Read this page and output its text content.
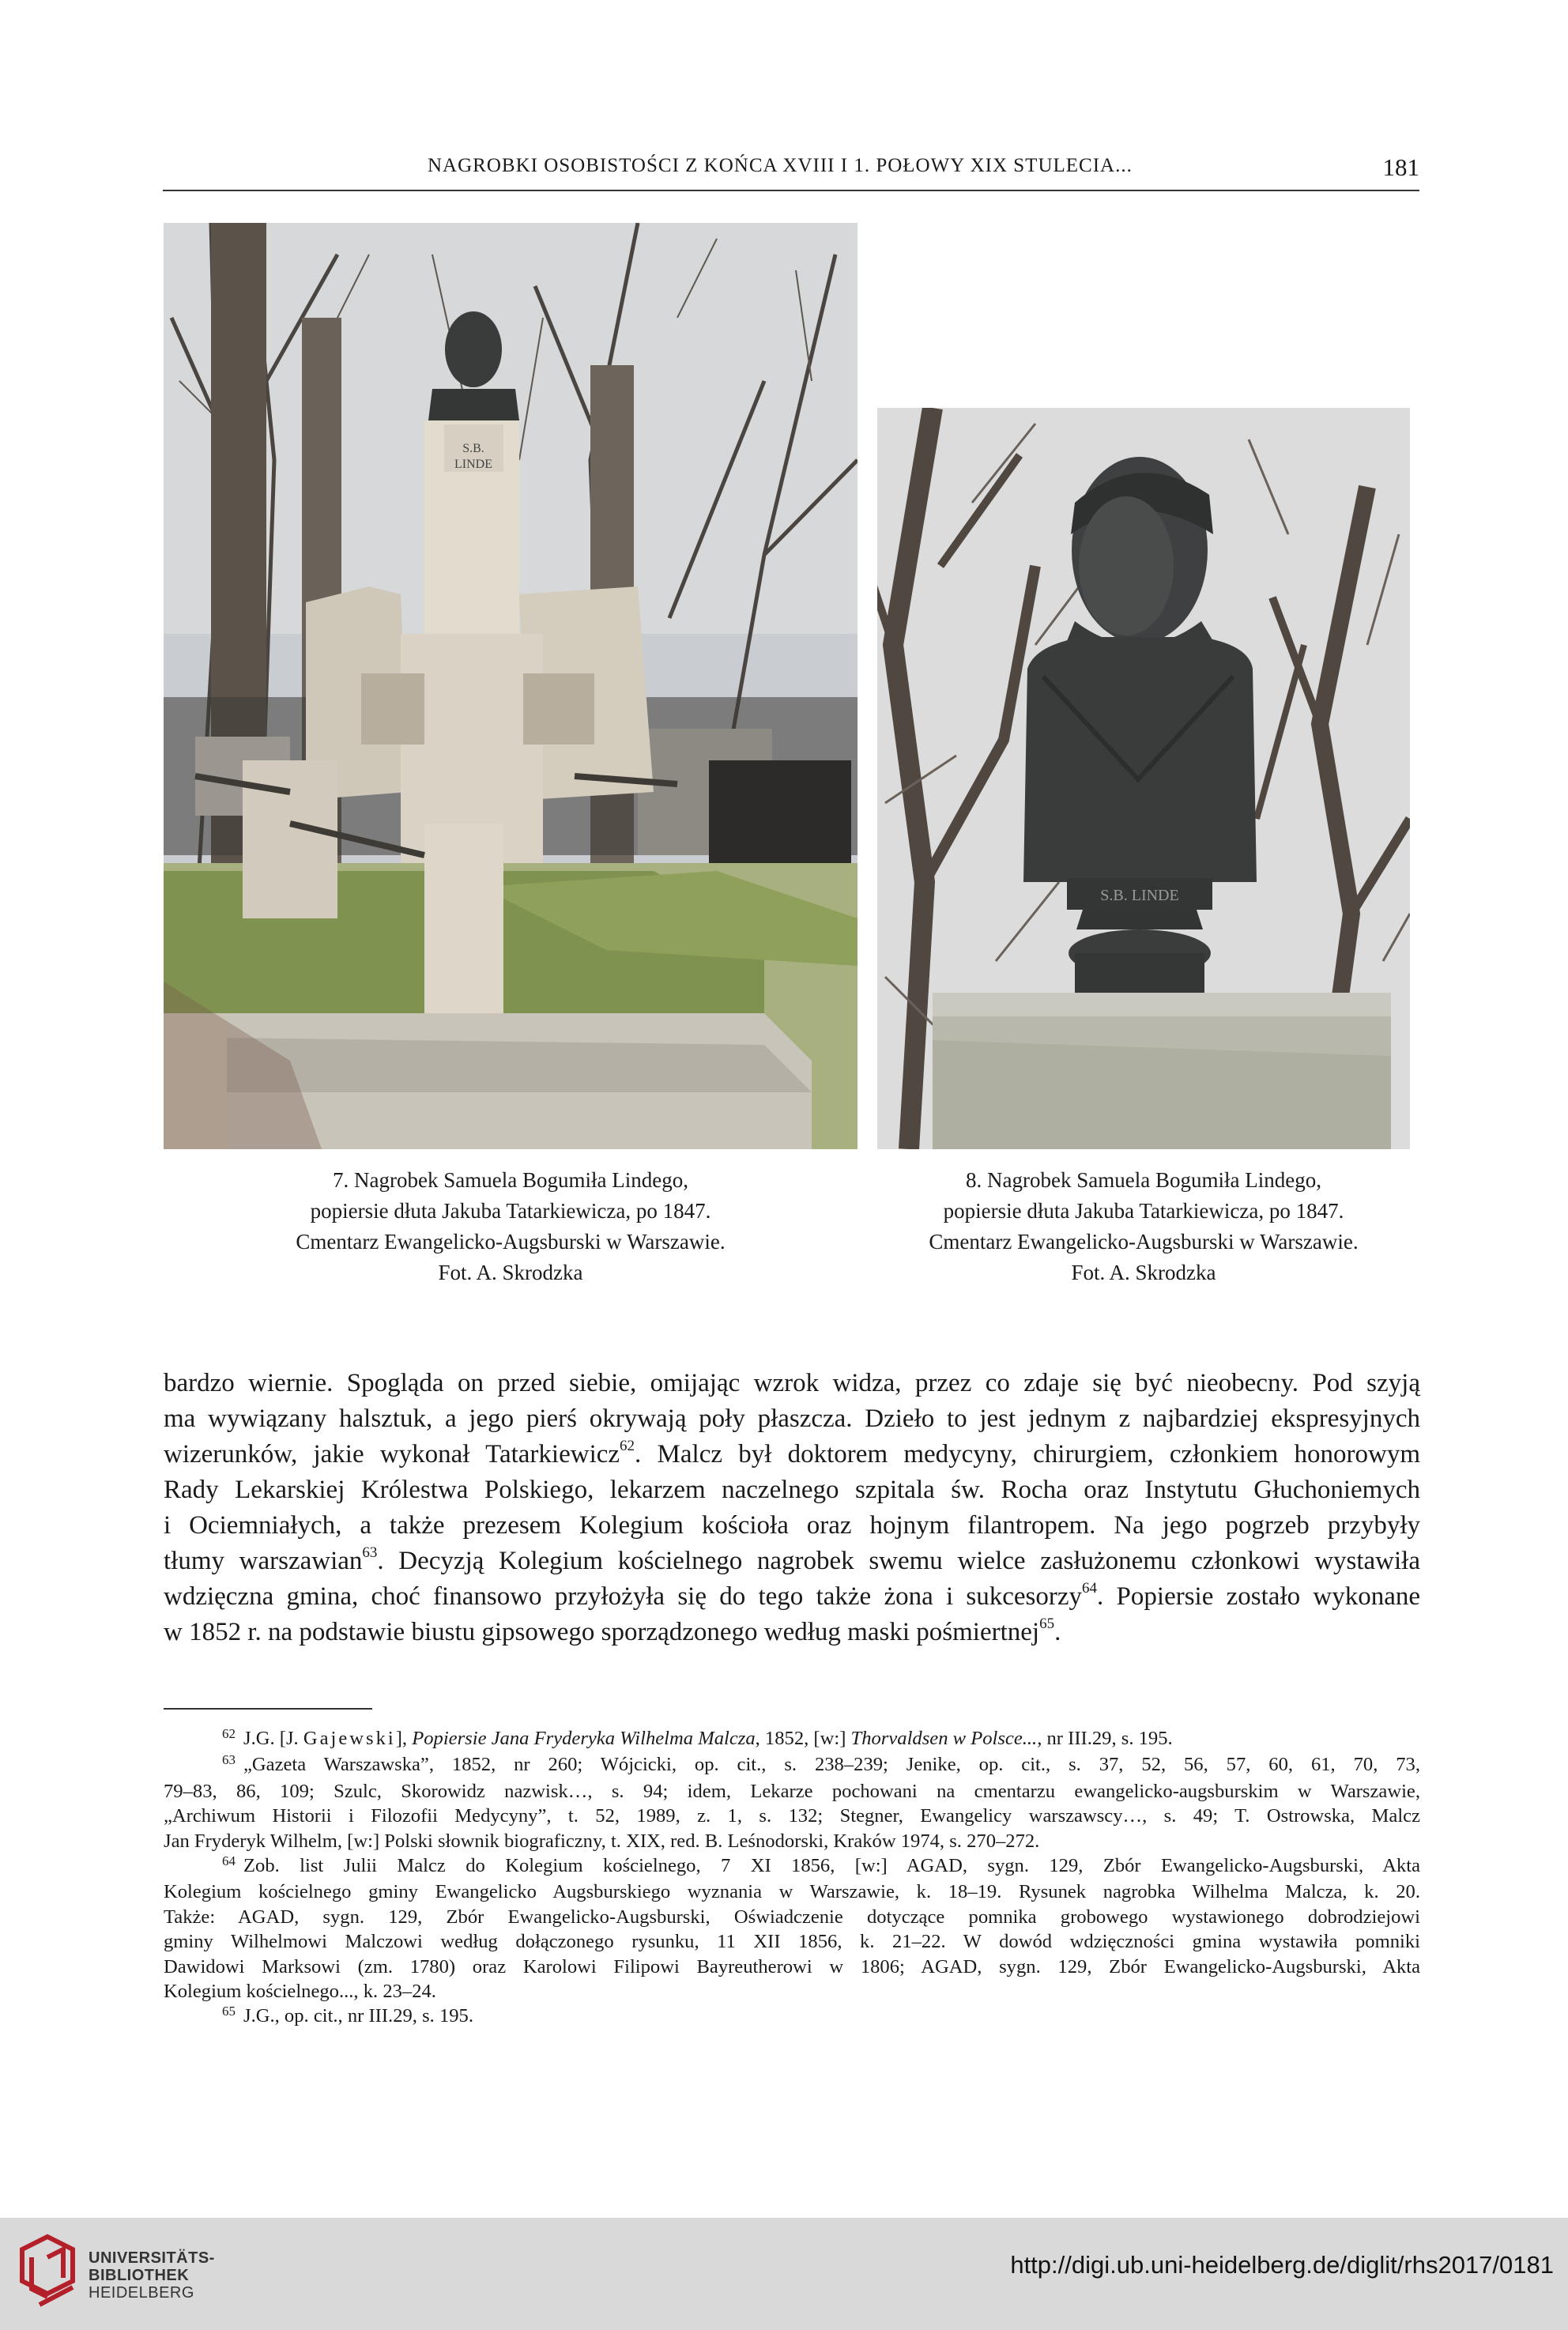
NAGROBKI OSOBISTOŚCI Z KOŃCA XVIII I 1. POŁOWY XIX STULECIA...	181
S.B.
LINDE
S.B. LINDE
7. Nagrobek Samuela Bogumiła Lindego,
popiersie dłuta Jakuba Tatarkiewicza, po 1847.
Cmentarz Ewangelicko-Augsburski w Warszawie.
Fot. A. Skrodzka
8. Nagrobek Samuela Bogumiła Lindego,
popiersie dłuta Jakuba Tatarkiewicza, po 1847.
Cmentarz Ewangelicko-Augsburski w Warszawie.
Fot. A. Skrodzka
bardzo wiernie. Spogląda on przed siebie, omijając wzrok widza, przez co zdaje się być nieobecny. Pod szyją
ma wywiązany halsztuk, a jego pierś okrywają poły płaszcza. Dzieło to jest jednym z najbardziej ekspresyjnych
wizerunków, jakie wykonał Tatarkiewicz$^{62}$. Malcz był doktorem medycyny, chirurgiem, członkiem honorowym
Rady Lekarskiej Królestwa Polskiego, lekarzem naczelnego szpitala św. Rocha oraz Instytutu Głuchoniemych
i Ociemniałych, a także prezesem Kolegium kościoła oraz hojnym filantropem. Na jego pogrzeb przybyły
tłumy warszawian$^{63}$. Decyzją Kolegium kościelnego nagrobek swemu wielce zasłużonemu członkowi wystawiła
wdzięczna gmina, choć finansowo przyłożyła się do tego także żona i sukcesorzy$^{64}$. Popiersie zostało wykonane
w 1852 r. na podstawie biustu gipsowego sporządzonego według maski pośmiertnej$^{65}$.
$^{62}$ J.G. [J. Gajewski], Popiersie Jana Fryderyka Wilhelma Malcza, 1852, [w:] Thorvaldsen w Polsce..., nr III.29, s. 195.
$^{63}$ „Gazeta Warszawska”, 1852, nr 260; Wójcicki, op. cit., s. 238–239; Jenike, op. cit., s. 37, 52, 56, 57, 60, 61, 70, 73,
79–83, 86, 109; Szulc, Skorowidz nazwisk…, s. 94; idem, Lekarze pochowani na cmentarzu ewangelicko-augsburskim w Warszawie,
„Archiwum Historii i Filozofii Medycyny”, t. 52, 1989, z. 1, s. 132; Stegner, Ewangelicy warszawscy…, s. 49; T. Ostrowska, Malcz
Jan Fryderyk Wilhelm, [w:] Polski słownik biograficzny, t. XIX, red. B. Leśnodorski, Kraków 1974, s. 270–272.
$^{64}$ Zob. list Julii Malcz do Kolegium kościelnego, 7 XI 1856, [w:] AGAD, sygn. 129, Zbór Ewangelicko-Augsburski, Akta
Kolegium kościelnego gminy Ewangelicko Augsburskiego wyznania w Warszawie, k. 18–19. Rysunek nagrobka Wilhelma Malcza, k. 20.
Także: AGAD, sygn. 129, Zbór Ewangelicko-Augsburski, Oświadczenie dotyczące pomnika grobowego wystawionego dobrodziejowi
gminy Wilhelmowi Malczowi według dołączonego rysunku, 11 XII 1856, k. 21–22. W dowód wdzięczności gmina wystawiła pomniki
Dawidowi Marksowi (zm. 1780) oraz Karolowi Filipowi Bayreutherowi w 1806; AGAD, sygn. 129, Zbór Ewangelicko-Augsburski, Akta
Kolegium kościelnego..., k. 23–24.
$^{65}$ J.G., op. cit., nr III.29, s. 195.
UNIVERSITÄTS-
BIBLIOTHEK
HEIDELBERG
http://digi.ub.uni-heidelberg.de/diglit/rhs2017/0181
